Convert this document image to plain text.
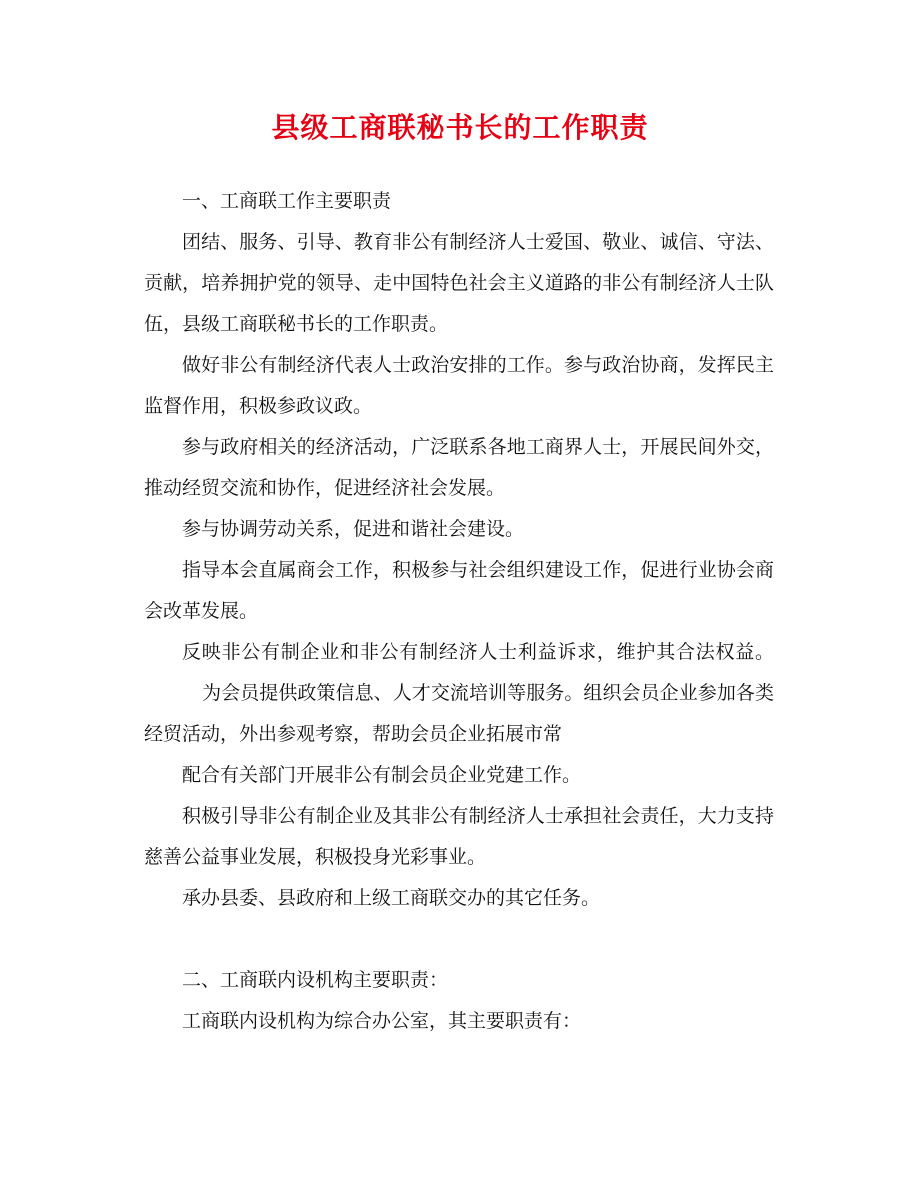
县级工商联秘书长的工作职责

一、工商联工作主要职责

团结、服务、引导、教育非公有制经济人士爱国、敬业、诚信、守法、贡献，培养拥护党的领导、走中国特色社会主义道路的非公有制经济人士队伍，县级工商联秘书长的工作职责。

做好非公有制经济代表人士政治安排的工作。参与政治协商，发挥民主监督作用，积极参政议政。

参与政府相关的经济活动，广泛联系各地工商界人士，开展民间外交，推动经贸交流和协作，促进经济社会发展。

参与协调劳动关系，促进和谐社会建设。

指导本会直属商会工作，积极参与社会组织建设工作，促进行业协会商会改革发展。

反映非公有制企业和非公有制经济人士利益诉求，维护其合法权益。为会员提供政策信息、人才交流培训等服务。组织会员企业参加各类经贸活动，外出参观考察，帮助会员企业拓展市常

配合有关部门开展非公有制会员企业党建工作。

积极引导非公有制企业及其非公有制经济人士承担社会责任，大力支持慈善公益事业发展，积极投身光彩事业。

承办县委、县政府和上级工商联交办的其它任务。

二、工商联内设机构主要职责：

工商联内设机构为综合办公室，其主要职责有：
